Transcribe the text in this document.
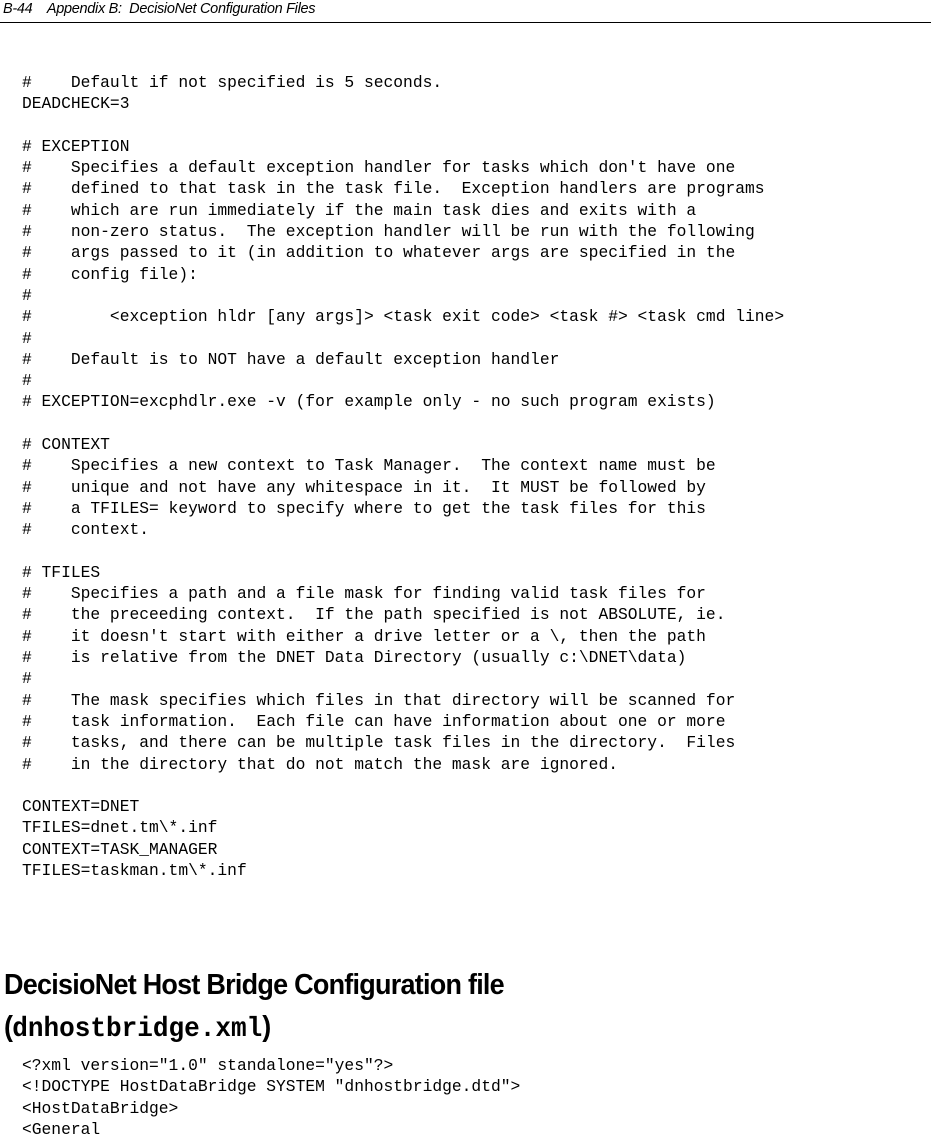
B-44 Appendix B:  DecisioNet Configuration Files
#    Default if not specified is 5 seconds.
DEADCHECK=3
# EXCEPTION
#    Specifies a default exception handler for tasks which don't have one
#    defined to that task in the task file.  Exception handlers are programs
#    which are run immediately if the main task dies and exits with a
#    non-zero status.  The exception handler will be run with the following
#    args passed to it (in addition to whatever args are specified in the
#    config file):
#
#        <exception hldr [any args]> <task exit code> <task #> <task cmd line>
#
#    Default is to NOT have a default exception handler
#
# EXCEPTION=excphdlr.exe -v (for example only - no such program exists)
# CONTEXT
#    Specifies a new context to Task Manager.  The context name must be
#    unique and not have any whitespace in it.  It MUST be followed by
#    a TFILES= keyword to specify where to get the task files for this
#    context.
# TFILES
#    Specifies a path and a file mask for finding valid task files for
#    the preceeding context.  If the path specified is not ABSOLUTE, ie.
#    it doesn't start with either a drive letter or a \, then the path
#    is relative from the DNET Data Directory (usually c:\DNET\data)
#
#    The mask specifies which files in that directory will be scanned for
#    task information.  Each file can have information about one or more
#    tasks, and there can be multiple task files in the directory.  Files
#    in the directory that do not match the mask are ignored.
CONTEXT=DNET
TFILES=dnet.tm\*.inf
CONTEXT=TASK_MANAGER
TFILES=taskman.tm\*.inf
DecisioNet Host Bridge Configuration file
(dnhostbridge.xml)
<?xml version="1.0" standalone="yes"?>
<!DOCTYPE HostDataBridge SYSTEM "dnhostbridge.dtd">
<HostDataBridge>
<General
